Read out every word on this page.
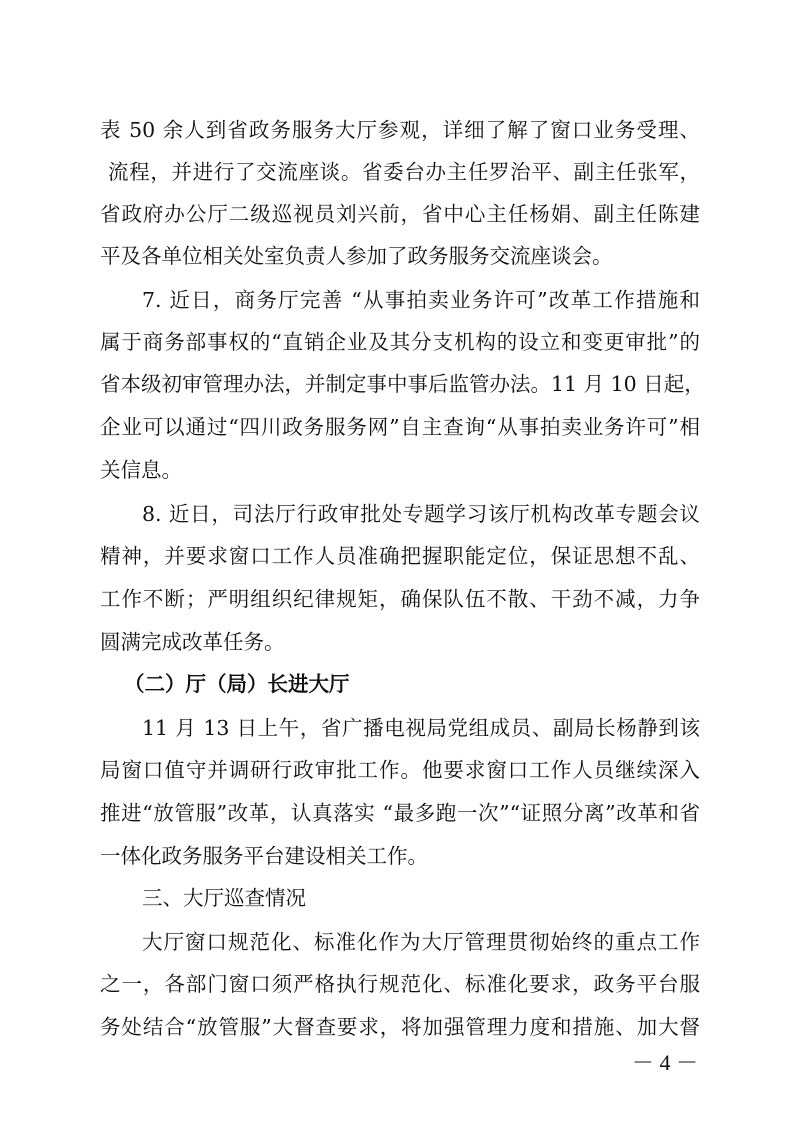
表 50 余人到省政务服务大厅参观，详细了解了窗口业务受理、
流程，并进行了交流座谈。省委台办主任罗治平、副主任张军，
省政府办公厅二级巡视员刘兴前，省中心主任杨娟、副主任陈建
平及各单位相关处室负责人参加了政务服务交流座谈会。
7. 近日，商务厅完善 “从事拍卖业务许可”改革工作措施和
属于商务部事权的“直销企业及其分支机构的设立和变更审批”的
省本级初审管理办法，并制定事中事后监管办法。11 月 10 日起，
企业可以通过“四川政务服务网”自主查询“从事拍卖业务许可”相
关信息。
8. 近日，司法厅行政审批处专题学习该厅机构改革专题会议
精神，并要求窗口工作人员准确把握职能定位，保证思想不乱、
工作不断；严明组织纪律规矩，确保队伍不散、干劲不减，力争
圆满完成改革任务。
（二）厅（局）长进大厅
11 月 13 日上午，省广播电视局党组成员、副局长杨静到该
局窗口值守并调研行政审批工作。他要求窗口工作人员继续深入
推进“放管服”改革，认真落实 “最多跑一次”“证照分离”改革和省
一体化政务服务平台建设相关工作。
三、大厅巡查情况
大厅窗口规范化、标准化作为大厅管理贯彻始终的重点工作
之一，各部门窗口须严格执行规范化、标准化要求，政务平台服
务处结合“放管服”大督查要求，将加强管理力度和措施、加大督
－ 4 －
